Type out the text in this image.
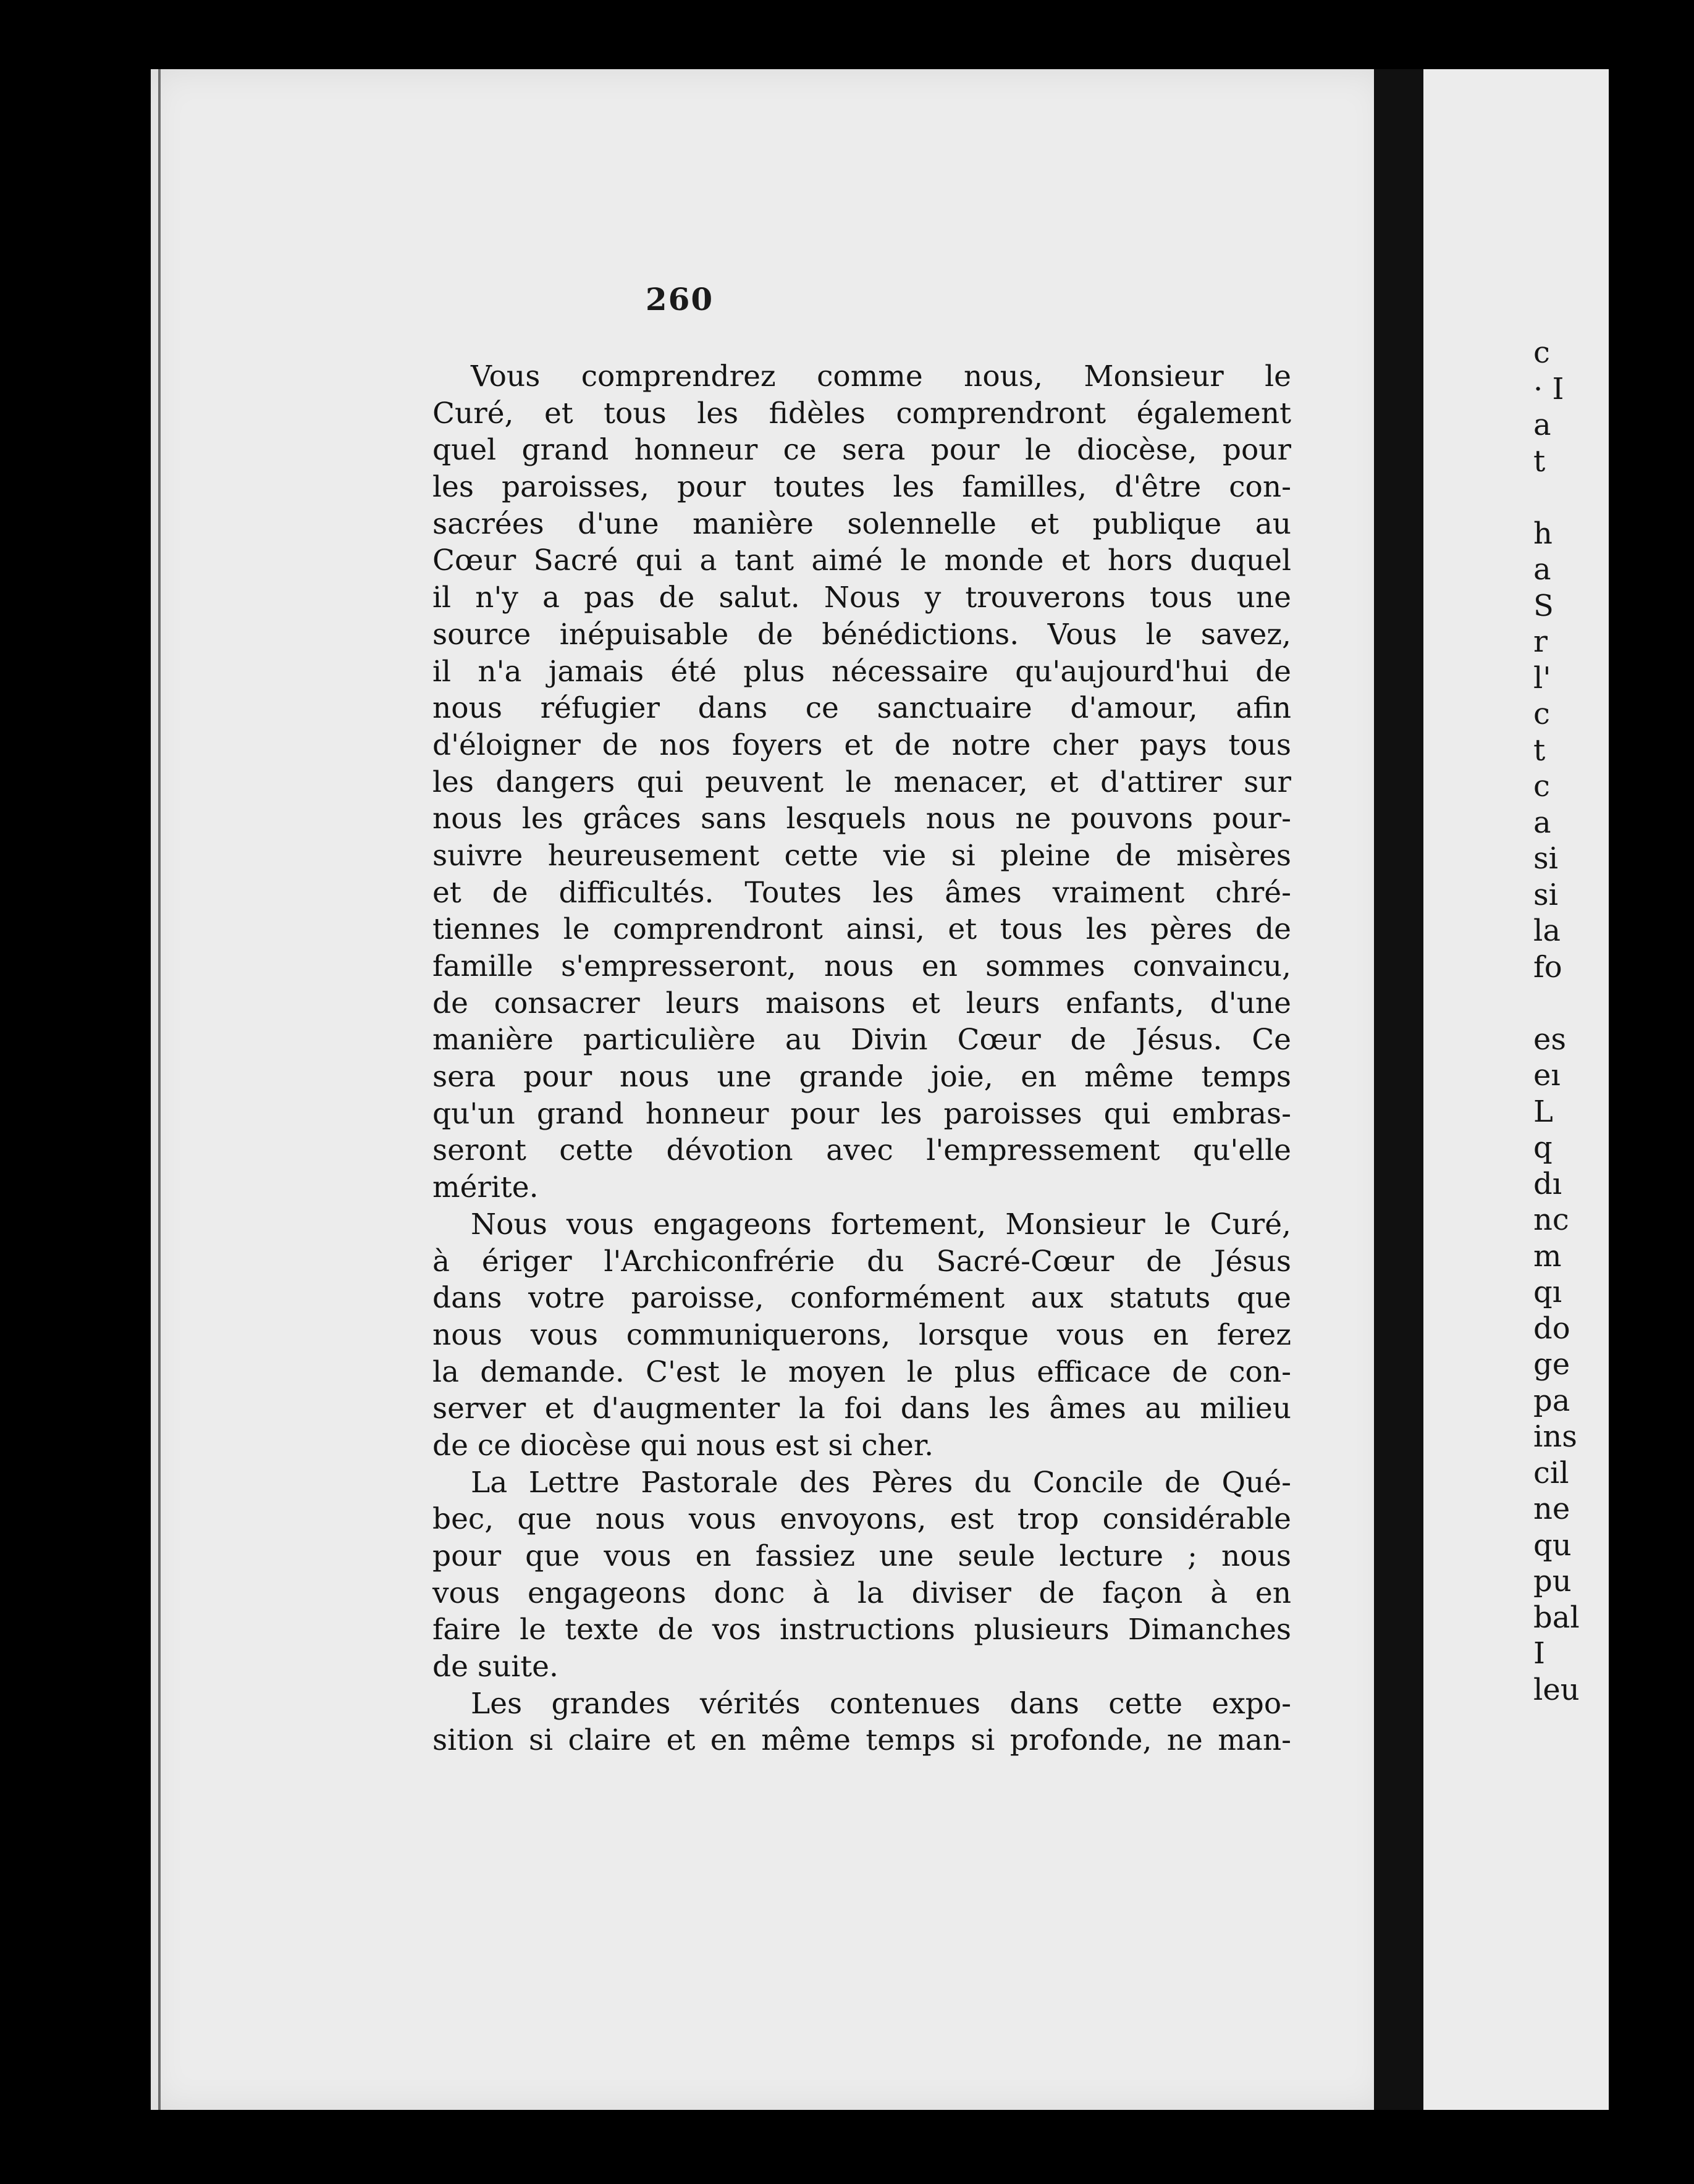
260
Vous comprendrez comme nous, Monsieur le
Curé, et tous les fidèles comprendront également
quel grand honneur ce sera pour le diocèse, pour
les paroisses, pour toutes les familles, d'être con-
sacrées d'une manière solennelle et publique au
Cœur Sacré qui a tant aimé le monde et hors duquel
il n'y a pas de salut. Nous y trouverons tous une
source inépuisable de bénédictions. Vous le savez,
il n'a jamais été plus nécessaire qu'aujourd'hui de
nous réfugier dans ce sanctuaire d'amour, afin
d'éloigner de nos foyers et de notre cher pays tous
les dangers qui peuvent le menacer, et d'attirer sur
nous les grâces sans lesquels nous ne pouvons pour-
suivre heureusement cette vie si pleine de misères
et de difficultés. Toutes les âmes vraiment chré-
tiennes le comprendront ainsi, et tous les pères de
famille s'empresseront, nous en sommes convaincu,
de consacrer leurs maisons et leurs enfants, d'une
manière particulière au Divin Cœur de Jésus. Ce
sera pour nous une grande joie, en même temps
qu'un grand honneur pour les paroisses qui embras-
seront cette dévotion avec l'empressement qu'elle
mérite.
Nous vous engageons fortement, Monsieur le Curé,
à ériger l'Archiconfrérie du Sacré-Cœur de Jésus
dans votre paroisse, conformément aux statuts que
nous vous communiquerons, lorsque vous en ferez
la demande. C'est le moyen le plus efficace de con-
server et d'augmenter la foi dans les âmes au milieu
de ce diocèse qui nous est si cher.
La Lettre Pastorale des Pères du Concile de Qué-
bec, que nous vous envoyons, est trop considérable
pour que vous en fassiez une seule lecture ; nous
vous engageons donc à la diviser de façon à en
faire le texte de vos instructions plusieurs Dimanches
de suite.
Les grandes vérités contenues dans cette expo-
sition si claire et en même temps si profonde, ne man-
c
· I
a
t
h
a
S
r
l'
c
t
c
a
si
si
la
fo
es
eı
L
q
dı
nc
m
qı
do
ge
pa
ins
cil
ne
qu
pu
bal
I
leu
